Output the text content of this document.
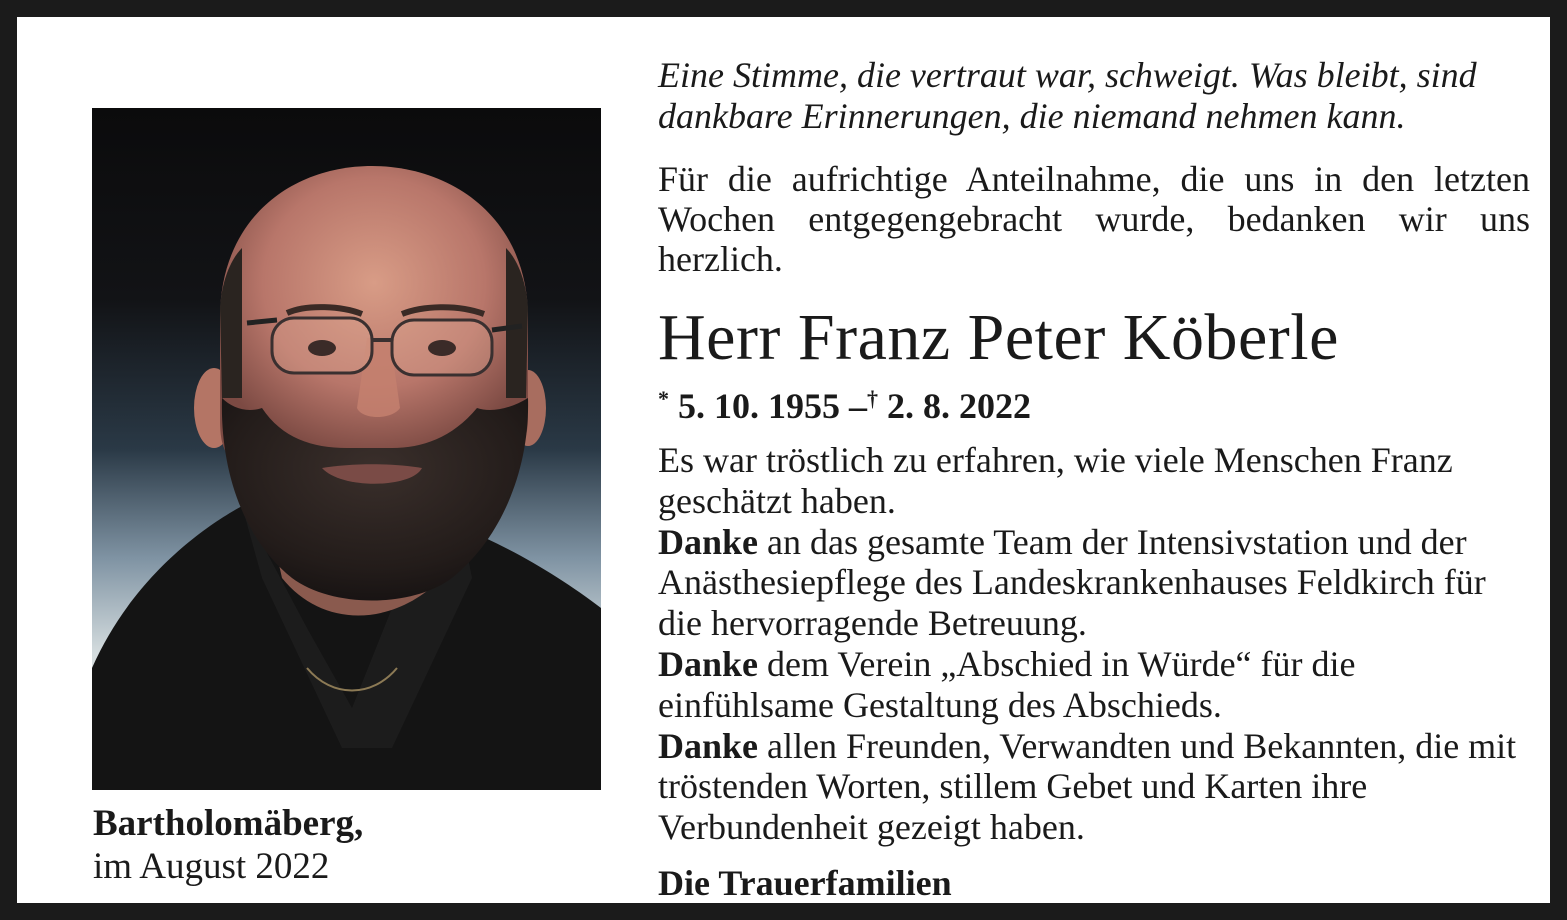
Bartholomäberg,
im August 2022
Eine Stimme, die vertraut war, schweigt. Was bleibt, sind
dankbare Erinnerungen, die niemand nehmen kann.
Für die aufrichtige Anteilnahme, die uns in den letzten Wochen entgegengebracht wurde, bedanken wir uns herzlich.
Herr Franz Peter Köberle
* 5. 10. 1955 –† 2. 8. 2022

Es war tröstlich zu erfahren, wie viele Menschen Franz geschätzt haben.

Danke an das gesamte Team der Intensivstation und der Anästhesiepflege des Landeskrankenhauses Feldkirch für die hervorragende Betreuung.

Danke dem Verein „Abschied in Würde“ für die einfühlsame Gestaltung des Abschieds.

Danke allen Freunden, Verwandten und Bekannten, die mit tröstenden Worten, stillem Gebet und Karten ihre Verbundenheit gezeigt haben.

Die Trauerfamilien
